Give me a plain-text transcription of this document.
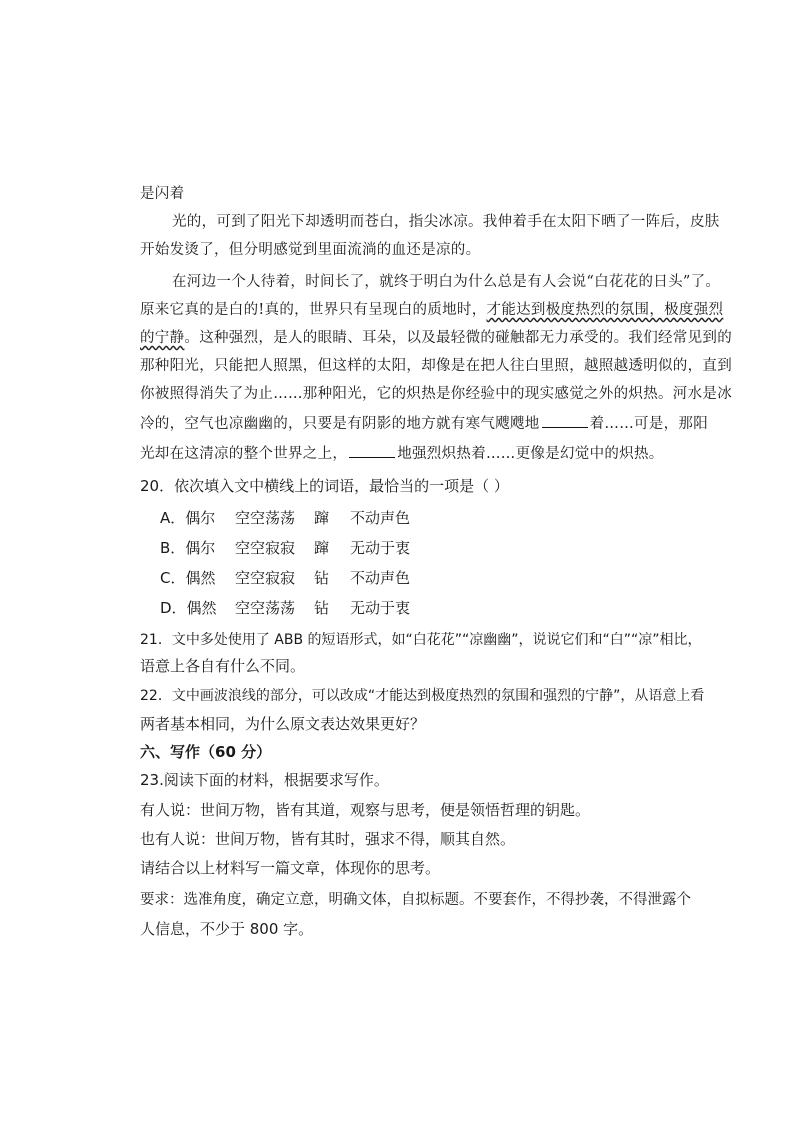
是闪着
光的，可到了阳光下却透明而苍白，指尖冰凉。我伸着手在太阳下晒了一阵后，皮肤
开始发烫了，但分明感觉到里面流淌的血还是凉的。
在河边一个人待着，时间长了，就终于明白为什么总是有人会说“白花花的日头”了。
原来它真的是白的!真的，世界只有呈现白的质地时，才能达到极度热烈的氛围，极度强烈
的宁静。这种强烈，是人的眼睛、耳朵，以及最轻微的碰触都无力承受的。我们经常见到的
那种阳光，只能把人照黑，但这样的太阳，却像是在把人往白里照，越照越透明似的，直到
你被照得消失了为止……那种阳光，它的炽热是你经验中的现实感觉之外的炽热。河水是冰
冷的，空气也凉幽幽的，只要是有阴影的地方就有寒气飕飕地	着……可是，那阳
光却在这清凉的整个世界之上，	地强烈炽热着……更像是幻觉中的炽热。
20．依次填入文中横线上的词语，最恰当的一项是（ ）
A．偶尔 空空荡荡 蹿 不动声色
B．偶尔 空空寂寂 蹿 无动于衷
C．偶然 空空寂寂 钻 不动声色
D．偶然 空空荡荡 钻 无动于衷
21．文中多处使用了 ABB 的短语形式，如“白花花”“凉幽幽”，说说它们和“白”“凉”相比，
语意上各自有什么不同。
22．文中画波浪线的部分，可以改成“才能达到极度热烈的氛围和强烈的宁静”，从语意上看
两者基本相同，为什么原文表达效果更好？
六、写作（60 分）
23.阅读下面的材料，根据要求写作。
有人说：世间万物，皆有其道，观察与思考，便是领悟哲理的钥匙。
也有人说：世间万物，皆有其时，强求不得，顺其自然。
请结合以上材料写一篇文章，体现你的思考。
要求：选准角度，确定立意，明确文体，自拟标题。不要套作，不得抄袭，不得泄露个
人信息，不少于 800 字。
